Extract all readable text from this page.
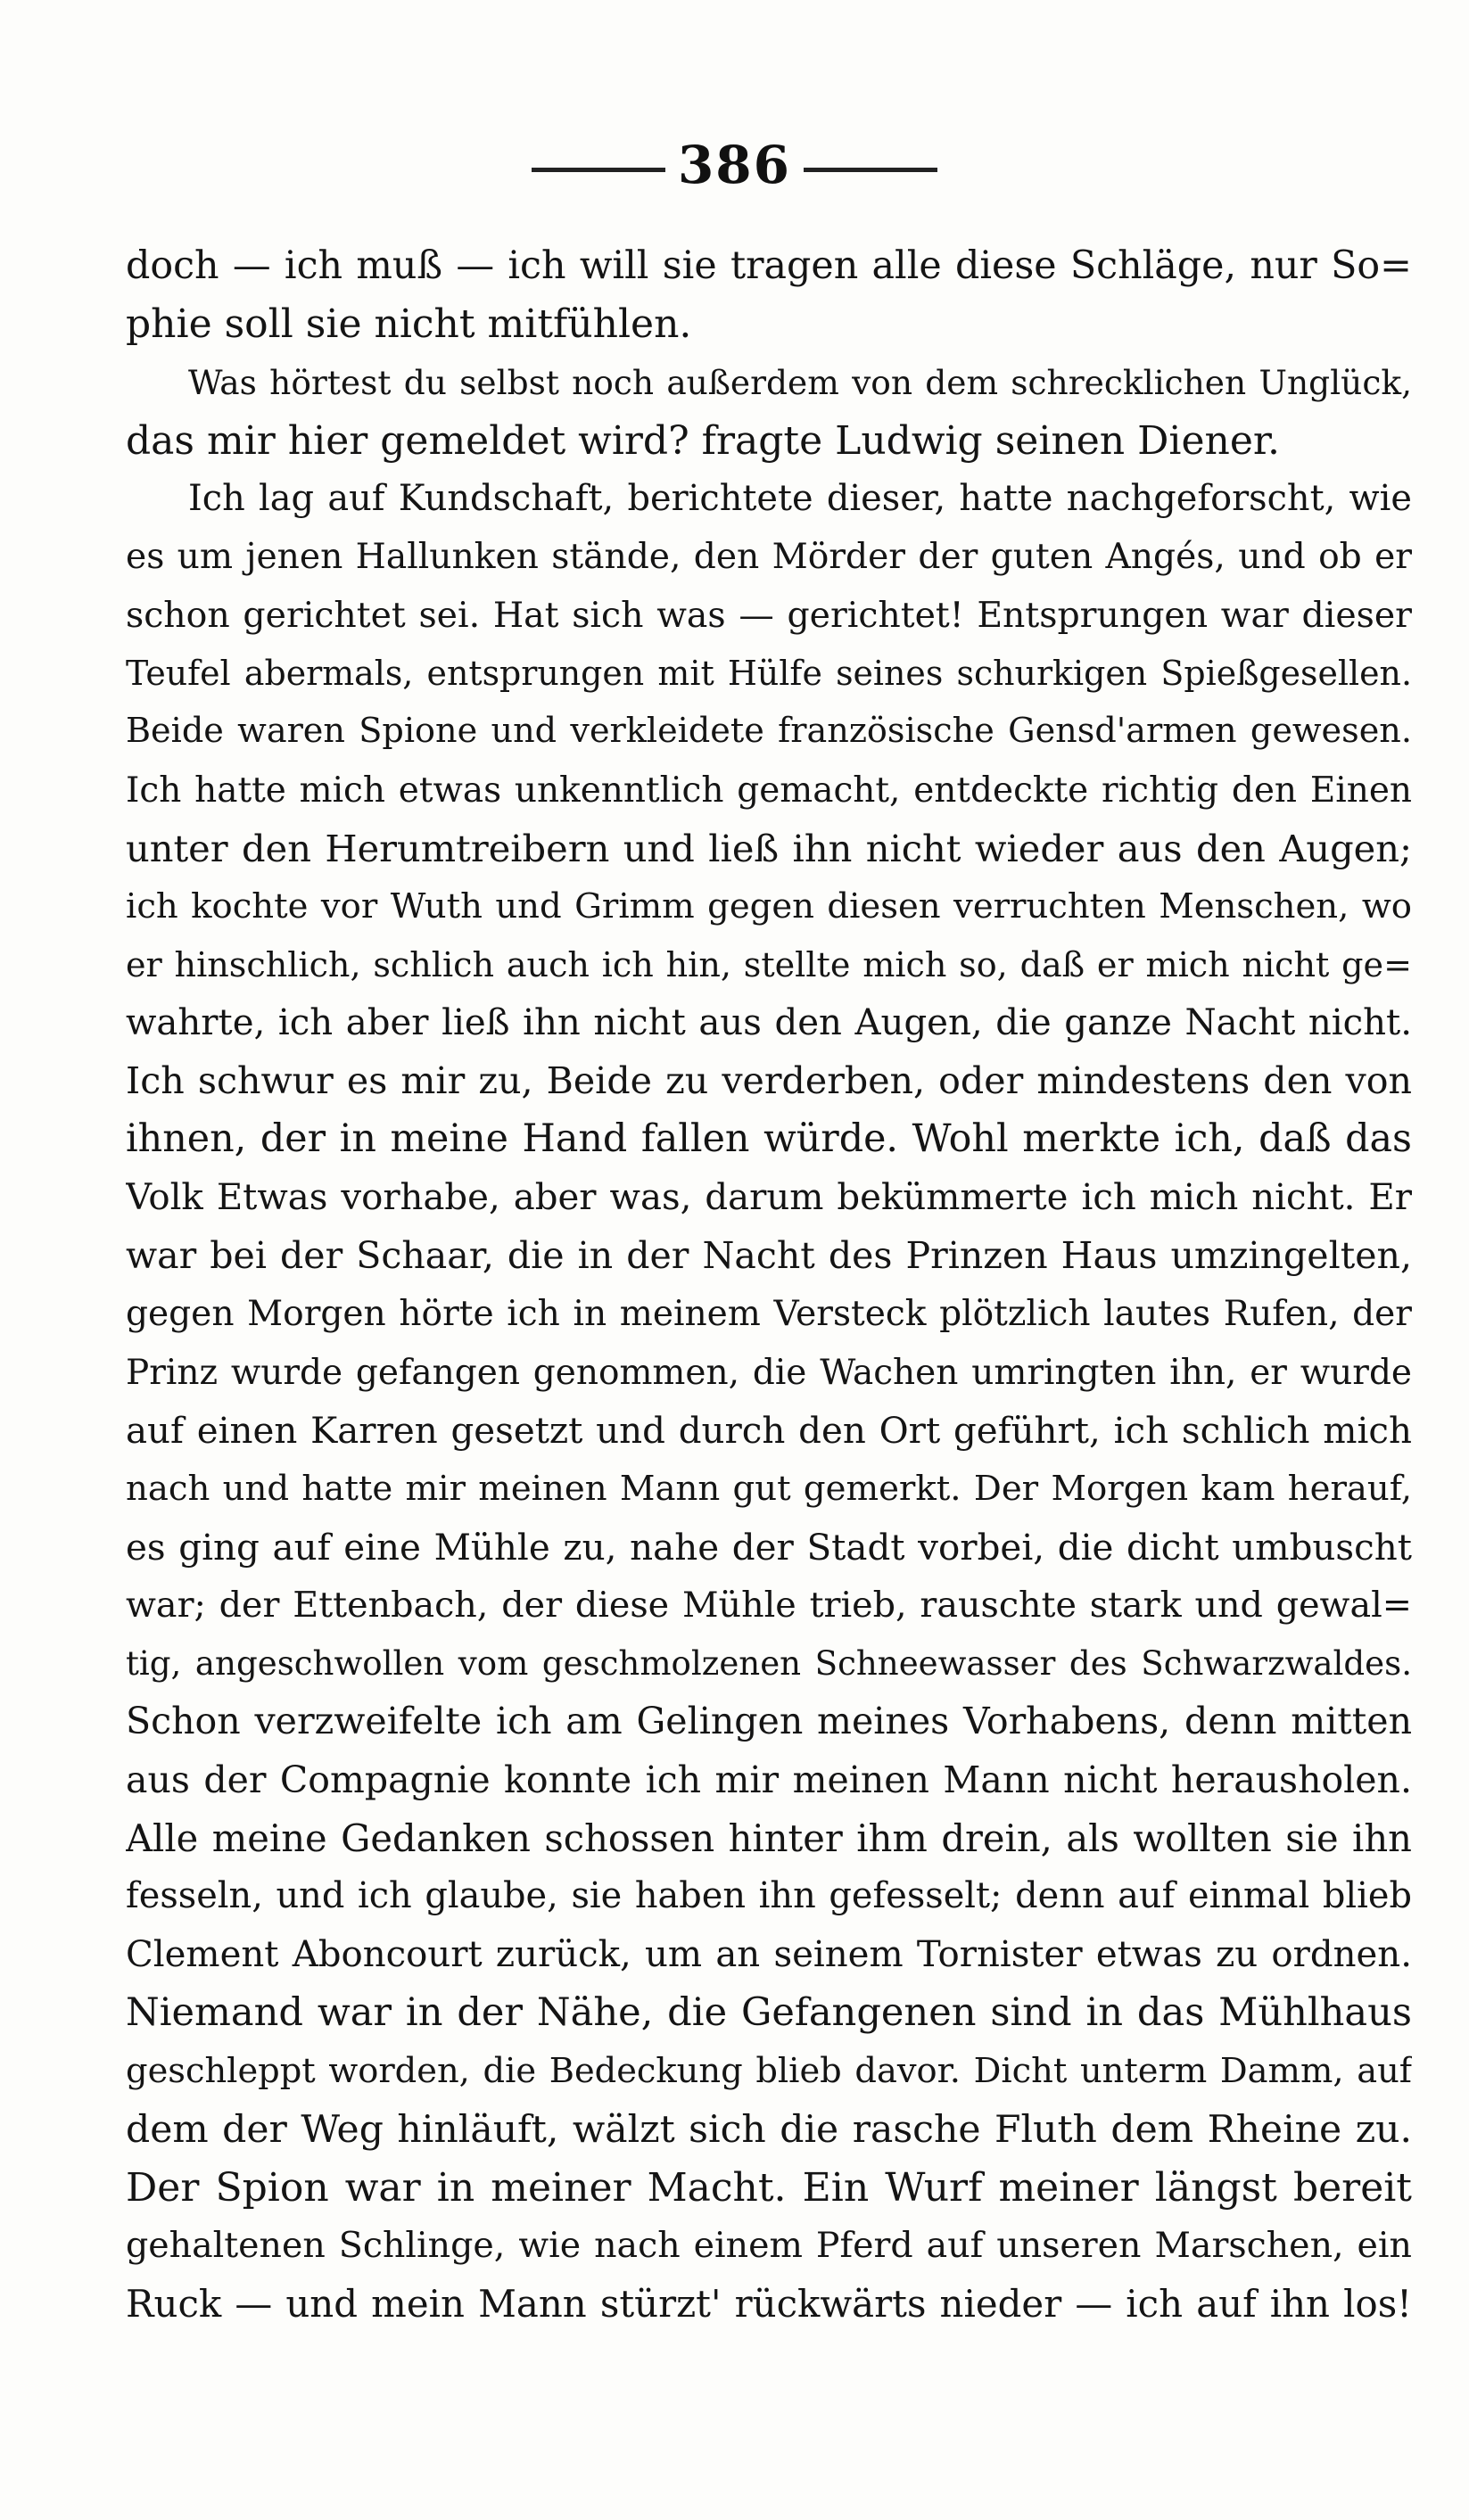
386
doch — ich muß — ich will sie tragen alle diese Schläge, nur So=
phie soll sie nicht mitfühlen.
Was hörtest du selbst noch außerdem von dem schrecklichen Unglück,
das mir hier gemeldet wird? fragte Ludwig seinen Diener.
Ich lag auf Kundschaft, berichtete dieser, hatte nachgeforscht, wie
es um jenen Hallunken stände, den Mörder der guten Angés, und ob er
schon gerichtet sei. Hat sich was — gerichtet! Entsprungen war dieser
Teufel abermals, entsprungen mit Hülfe seines schurkigen Spießgesellen.
Beide waren Spione und verkleidete französische Gensd'armen gewesen.
Ich hatte mich etwas unkenntlich gemacht, entdeckte richtig den Einen
unter den Herumtreibern und ließ ihn nicht wieder aus den Augen;
ich kochte vor Wuth und Grimm gegen diesen verruchten Menschen, wo
er hinschlich, schlich auch ich hin, stellte mich so, daß er mich nicht ge=
wahrte, ich aber ließ ihn nicht aus den Augen, die ganze Nacht nicht.
Ich schwur es mir zu, Beide zu verderben, oder mindestens den von
ihnen, der in meine Hand fallen würde. Wohl merkte ich, daß das
Volk Etwas vorhabe, aber was, darum bekümmerte ich mich nicht. Er
war bei der Schaar, die in der Nacht des Prinzen Haus umzingelten,
gegen Morgen hörte ich in meinem Versteck plötzlich lautes Rufen, der
Prinz wurde gefangen genommen, die Wachen umringten ihn, er wurde
auf einen Karren gesetzt und durch den Ort geführt, ich schlich mich
nach und hatte mir meinen Mann gut gemerkt. Der Morgen kam herauf,
es ging auf eine Mühle zu, nahe der Stadt vorbei, die dicht umbuscht
war; der Ettenbach, der diese Mühle trieb, rauschte stark und gewal=
tig, angeschwollen vom geschmolzenen Schneewasser des Schwarzwaldes.
Schon verzweifelte ich am Gelingen meines Vorhabens, denn mitten
aus der Compagnie konnte ich mir meinen Mann nicht herausholen.
Alle meine Gedanken schossen hinter ihm drein, als wollten sie ihn
fesseln, und ich glaube, sie haben ihn gefesselt; denn auf einmal blieb
Clement Aboncourt zurück, um an seinem Tornister etwas zu ordnen.
Niemand war in der Nähe, die Gefangenen sind in das Mühlhaus
geschleppt worden, die Bedeckung blieb davor. Dicht unterm Damm, auf
dem der Weg hinläuft, wälzt sich die rasche Fluth dem Rheine zu.
Der Spion war in meiner Macht. Ein Wurf meiner längst bereit
gehaltenen Schlinge, wie nach einem Pferd auf unseren Marschen, ein
Ruck — und mein Mann stürzt' rückwärts nieder — ich auf ihn los!
